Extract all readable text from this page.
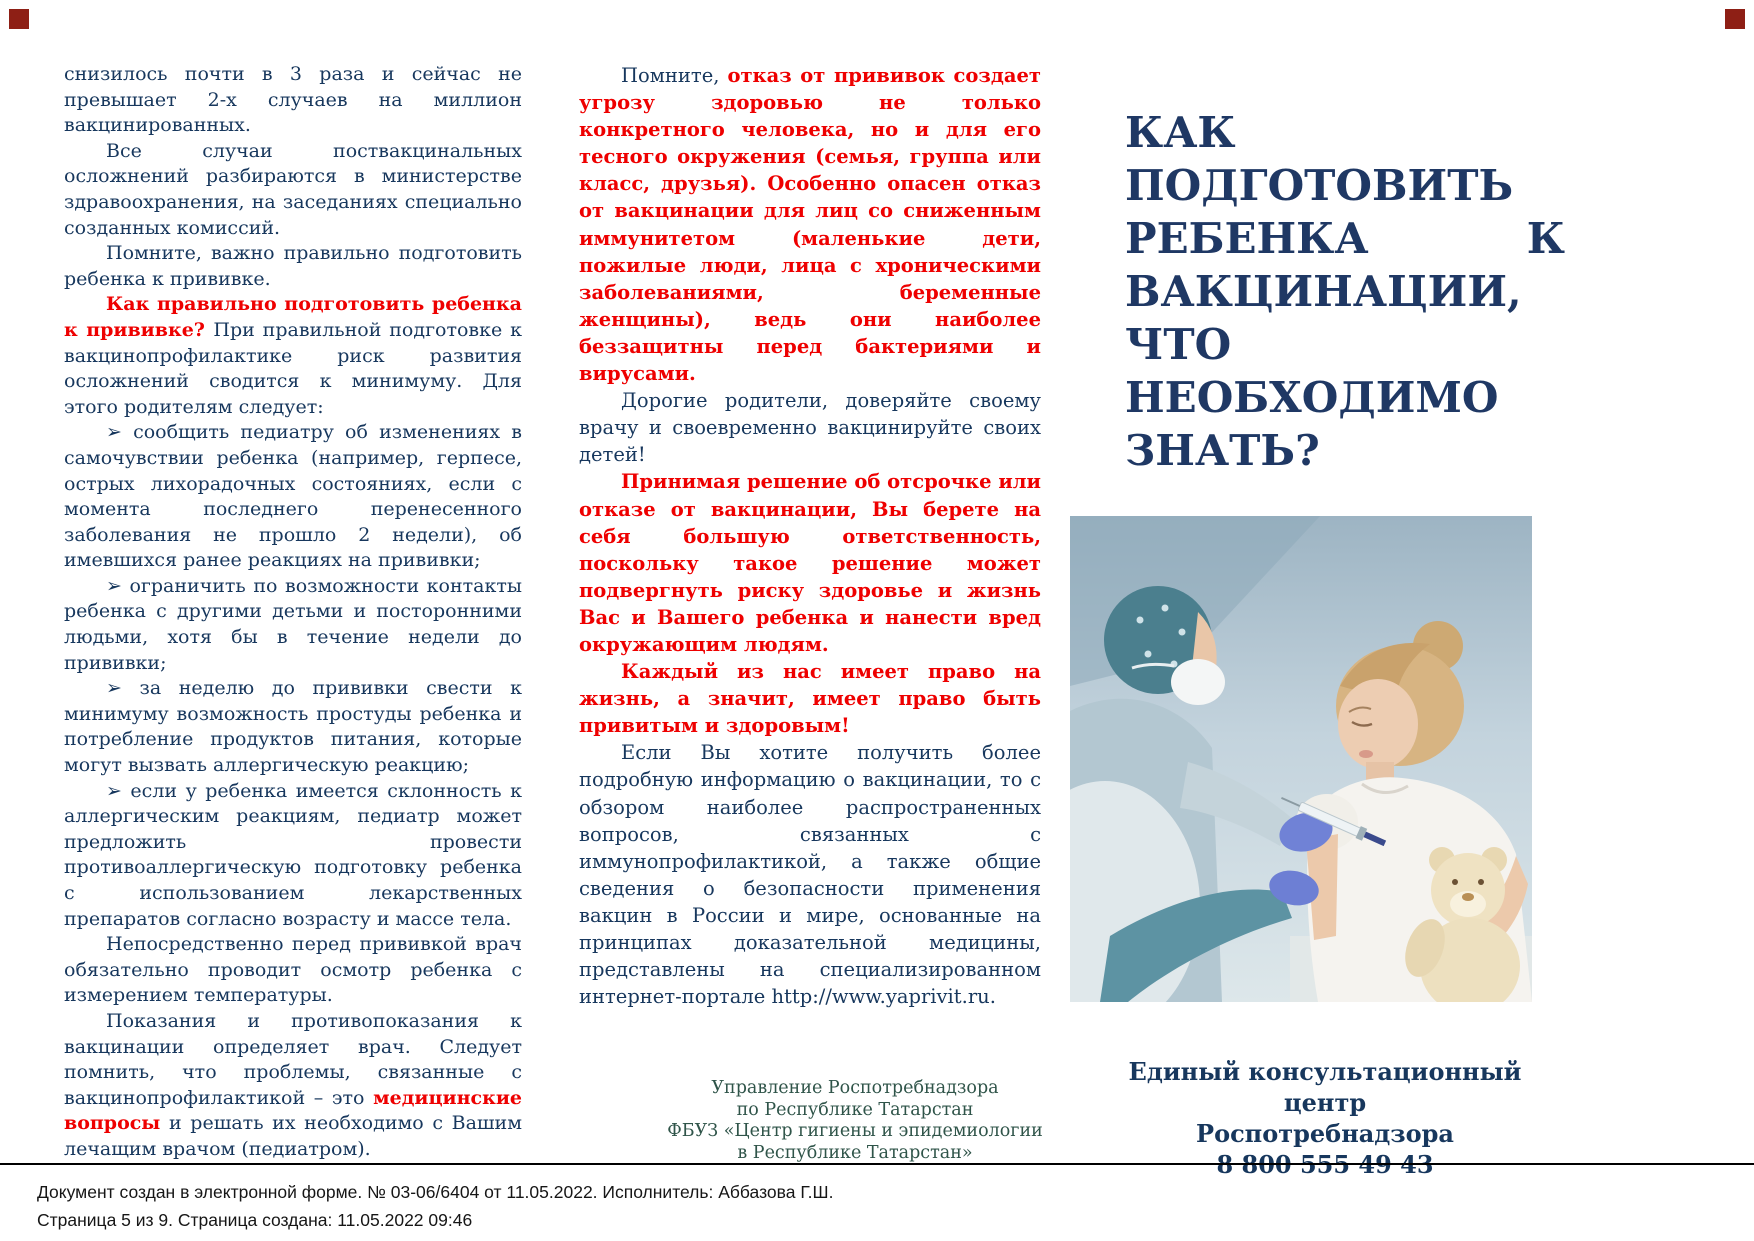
снизилось почти в 3 раза и сейчас не превышает 2-х случаев на миллион вакцинированных.

Все случаи поствакцинальных осложнений разбираются в министерстве здравоохранения, на заседаниях специально созданных комиссий.

Помните, важно правильно подготовить ребенка к прививке.

Как правильно подготовить ребенка к прививке? При правильной подготовке к вакцинопрофилактике риск развития осложнений сводится к минимуму. Для этого родителям следует:

➢ сообщить педиатру об изменениях в самочувствии ребенка (например, герпесе, острых лихорадочных состояниях, если с момента последнего перенесенного заболевания не прошло 2 недели), об имевшихся ранее реакциях на прививки;

➢ ограничить по возможности контакты ребенка с другими детьми и посторонними людьми, хотя бы в течение недели до прививки;

➢ за неделю до прививки свести к минимуму возможность простуды ребенка и потребление продуктов питания, которые могут вызвать аллергическую реакцию;

➢ если у ребенка имеется склонность к аллергическим реакциям, педиатр может предложить провести противоаллергическую подготовку ребенка с использованием лекарственных препаратов согласно возрасту и массе тела.

Непосредственно перед прививкой врач обязательно проводит осмотр ребенка с измерением температуры.

Показания и противопоказания к вакцинации определяет врач. Следует помнить, что проблемы, связанные с вакцинопрофилактикой – это медицинские вопросы и решать их необходимо с Вашим лечащим врачом (педиатром).

Помните, отказ от прививок создает угрозу здоровью не только конкретного человека, но и для его тесного окружения (семья, группа или класс, друзья). Особенно опасен отказ от вакцинации для лиц со сниженным иммунитетом (маленькие дети, пожилые люди, лица с хроническими заболеваниями, беременные женщины), ведь они наиболее беззащитны перед бактериями и вирусами.

Дорогие родители, доверяйте своему врачу и своевременно вакцинируйте своих детей!

Принимая решение об отсрочке или отказе от вакцинации, Вы берете на себя большую ответственность, поскольку такое решение может подвергнуть риску здоровье и жизнь Вас и Вашего ребенка и нанести вред окружающим людям.

Каждый из нас имеет право на жизнь, а значит, имеет право быть привитым и здоровым!

Если Вы хотите получить более подробную информацию о вакцинации, то с обзором наиболее распространенных вопросов, связанных с иммунопрофилактикой, а также общие сведения о безопасности применения вакцин в России и мире, основанные на принципах доказательной медицины, представлены на специализированном интернет-портале http://www.yaprivit.ru.

КАК
ПОДГОТОВИТЬ
РЕБЕНКА К
ВАКЦИНАЦИИ,
ЧТО
НЕОБХОДИМО
ЗНАТЬ?
Единый консультационный центр
Роспотребнадзора
8 800 555 49 43
Управление Роспотребнадзора
по Республике Татарстан
ФБУЗ «Центр гигиены и эпидемиологии
в Республике Татарстан»
Документ создан в электронной форме. № 03-06/6404 от 11.05.2022. Исполнитель: Аббазова Г.Ш.
Страница 5 из 9. Страница создана: 11.05.2022 09:46
